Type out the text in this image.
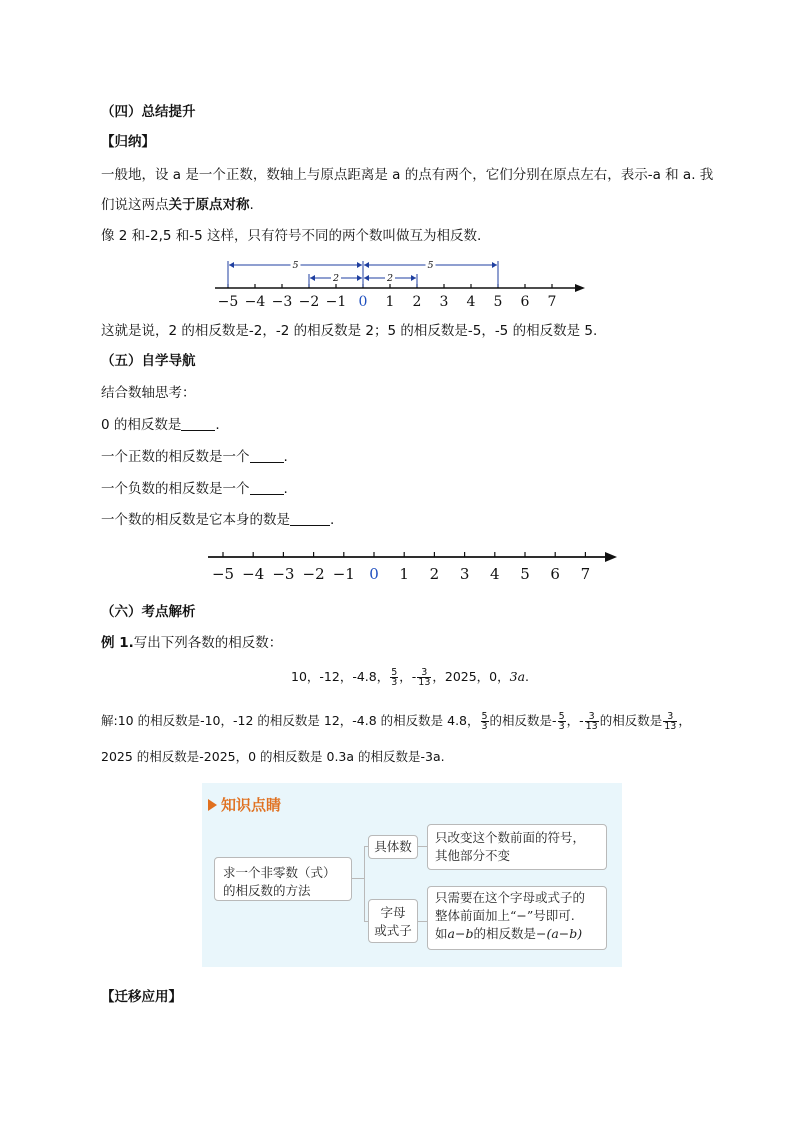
（四）总结提升
【归纳】
一般地，设 a 是一个正数，数轴上与原点距离是 a 的点有两个，它们分别在原点左右，表示-a 和 a. 我
们说这两点关于原点对称.
像 2 和-2,5 和-5 这样，只有符号不同的两个数叫做互为相反数.
−5 −4 −3 −2 −1 0 1 2 3 4 5 6 7
5
2	2
5
这就是说，2 的相反数是-2，-2 的相反数是 2；5 的相反数是-5，-5 的相反数是 5.
（五）自学导航
结合数轴思考：
0 的相反数是	.
一个正数的相反数是一个	.
一个负数的相反数是一个	.
一个数的相反数是它本身的数是	.
−5 −4 −3 −2 −1 0 1 2 3 4 5 6 7
（六）考点解析
例 1.写出下列各数的相反数：
10，-12，-4.8， $\frac{5}{3}$ ，- $\frac{3}{13}$ ，2025，0，3a.
解:10 的相反数是-10，-12 的相反数是 12，-4.8 的相反数是 4.8， $\frac{5}{3}$ 的相反数是- $\frac{5}{3}$ ，- $\frac{3}{13}$ 的相反数是 $\frac{3}{13}$ ，
2025 的相反数是-2025，0 的相反数是 0.3a 的相反数是-3a.
知识点睛
求一个非零数（式）
的相反数的方法
具体数
字母
或式子
只改变这个数前面的符号，
其他部分不变
只需要在这个字母或式子的
整体前面加上“−”号即可.
如a−b的相反数是−(a−b)
【迁移应用】
